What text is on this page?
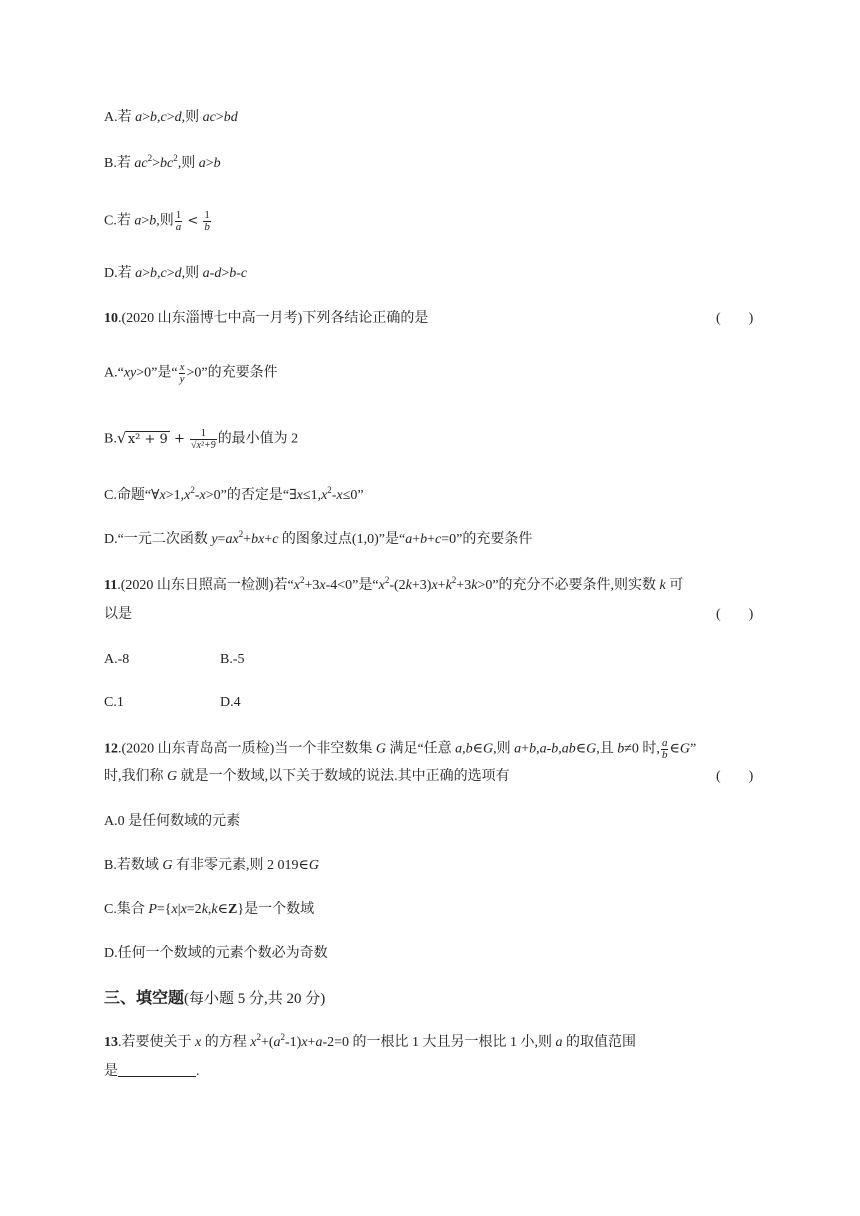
A.若 a>b,c>d,则 ac>bd
B.若 $ac^2>bc^2$,则 a>b
C.若 a>b,则 $\frac{1}{a} < \frac{1}{b}$
D.若 a>b,c>d,则 a-d>b-c
10.(2020 山东淄博七中高一月考)下列各结论正确的是	(        )
A.“xy>0”是“ $\frac{x}{y} >0$”的充要条件
B. √ $x^2 + 9 + \frac{1}{\text{√x²+9}}$ 的最小值为 2
C.命题“$\forall x>1,x^2-x>0$”的否定是“$\exists x\le 1,x^2-x\le 0$”
D.“一元二次函数 $y=ax^2+bx+c$ 的图象过点(1,0)”是“a+b+c=0”的充要条件
11.(2020 山东日照高一检测)若“$x^2+3x-4<0$”是“$x^2-(2k+3)x+k^2+3k>0$”的充分不必要条件,则实数 k 可
以是	(        )
A.-8	B.-5
C.1	D.4
12.(2020 山东青岛高一质检)当一个非空数集 G 满足“任意 a,b∈G,则 a+b,a-b,ab∈G,且 b≠0 时, $\frac{a}{b}$ ∈G”
时,我们称 G 就是一个数域,以下关于数域的说法.其中正确的选项有	(        )
A.0 是任何数域的元素
B.若数域 G 有非零元素,则 2 019∈G
C.集合 P={x|x=2k,k∈Z}是一个数域
D.任何一个数域的元素个数必为奇数
三、填空题(每小题 5 分,共 20 分)
13.若要使关于 x 的方程 $x^2+(a^2-1)x+a-2=0$ 的一根比 1 大且另一根比 1 小,则 a 的取值范围
是	.
